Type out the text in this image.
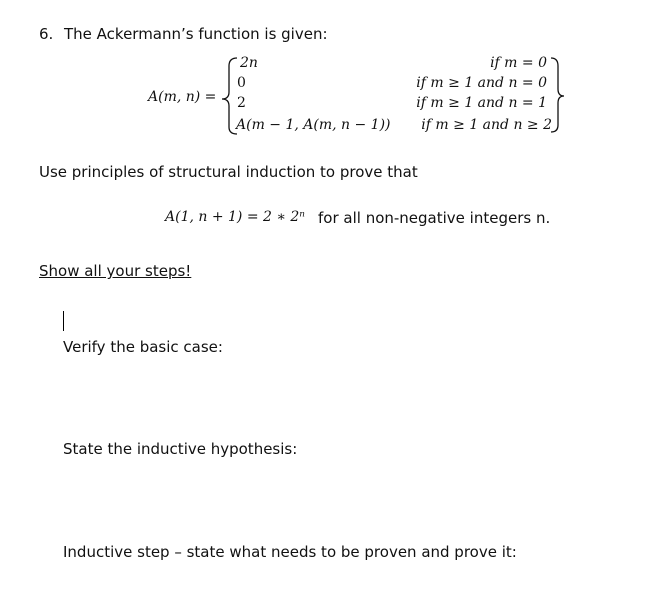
6. The Ackermann’s function is given:
A(m, n) =
2n
0
2
A(m − 1, A(m, n − 1))
if m = 0
if m ≥ 1 and n = 0
if m ≥ 1 and n = 1
if m ≥ 1 and n ≥ 2
Use principles of structural induction to prove that
A(1, n + 1) = 2 ∗ 2ⁿ for all non-negative integers n.
Show all your steps!
Verify the basic case:
State the inductive hypothesis:
Inductive step – state what needs to be proven and prove it:
